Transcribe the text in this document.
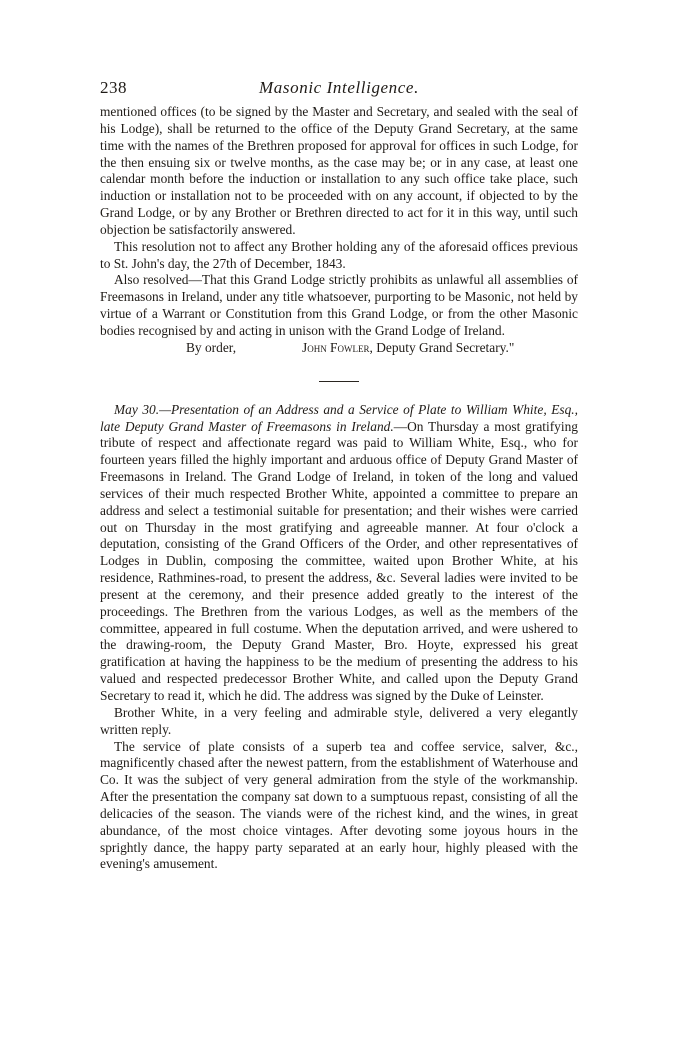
238	Masonic Intelligence.

mentioned offices (to be signed by the Master and Secretary, and sealed with the seal of his Lodge), shall be returned to the office of the Deputy Grand Secretary, at the same time with the names of the Brethren proposed for approval for offices in such Lodge, for the then ensuing six or twelve months, as the case may be; or in any case, at least one calendar month before the induction or installation to any such office take place, such induction or installation not to be proceeded with on any account, if objected to by the Grand Lodge, or by any Brother or Brethren directed to act for it in this way, until such objection be satisfactorily answered.

This resolution not to affect any Brother holding any of the aforesaid offices previous to St. John's day, the 27th of December, 1843.

Also resolved—That this Grand Lodge strictly prohibits as unlawful all assemblies of Freemasons in Ireland, under any title whatsoever, purporting to be Masonic, not held by virtue of a Warrant or Constitution from this Grand Lodge, or from the other Masonic bodies recognised by and acting in unison with the Grand Lodge of Ireland.

By order,	John Fowler, Deputy Grand Secretary."

May 30.—Presentation of an Address and a Service of Plate to William White, Esq., late Deputy Grand Master of Freemasons in Ireland.—On Thursday a most gratifying tribute of respect and affectionate regard was paid to William White, Esq., who for fourteen years filled the highly important and arduous office of Deputy Grand Master of Freemasons in Ireland. The Grand Lodge of Ireland, in token of the long and valued services of their much respected Brother White, appointed a committee to prepare an address and select a testimonial suitable for presentation; and their wishes were carried out on Thursday in the most gratifying and agreeable manner. At four o'clock a deputation, consisting of the Grand Officers of the Order, and other representatives of Lodges in Dublin, composing the committee, waited upon Brother White, at his residence, Rathmines-road, to present the address, &c. Several ladies were invited to be present at the ceremony, and their presence added greatly to the interest of the proceedings. The Brethren from the various Lodges, as well as the members of the committee, appeared in full costume. When the deputation arrived, and were ushered to the drawing-room, the Deputy Grand Master, Bro. Hoyte, expressed his great gratification at having the happiness to be the medium of presenting the address to his valued and respected predecessor Brother White, and called upon the Deputy Grand Secretary to read it, which he did. The address was signed by the Duke of Leinster.

Brother White, in a very feeling and admirable style, delivered a very elegantly written reply.

The service of plate consists of a superb tea and coffee service, salver, &c., magnificently chased after the newest pattern, from the establishment of Waterhouse and Co. It was the subject of very general admiration from the style of the workmanship. After the presentation the company sat down to a sumptuous repast, consisting of all the delicacies of the season. The viands were of the richest kind, and the wines, in great abundance, of the most choice vintages. After devoting some joyous hours in the sprightly dance, the happy party separated at an early hour, highly pleased with the evening's amusement.
